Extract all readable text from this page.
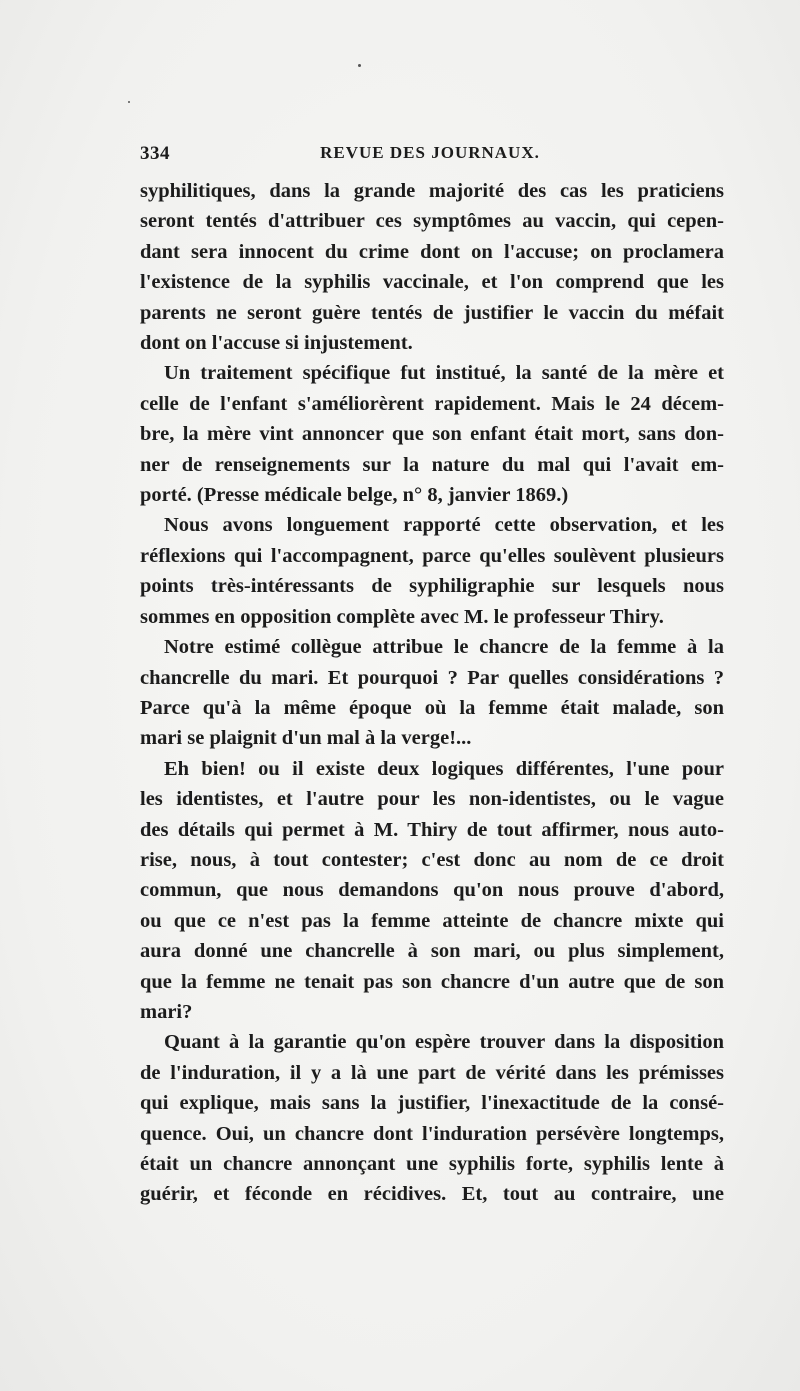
334	REVUE DES JOURNAUX.
syphilitiques, dans la grande majorité des cas les praticiens
seront tentés d'attribuer ces symptômes au vaccin, qui cepen-
dant sera innocent du crime dont on l'accuse; on proclamera
l'existence de la syphilis vaccinale, et l'on comprend que les
parents ne seront guère tentés de justifier le vaccin du méfait
dont on l'accuse si injustement.
Un traitement spécifique fut institué, la santé de la mère et
celle de l'enfant s'améliorèrent rapidement. Mais le 24 décem-
bre, la mère vint annoncer que son enfant était mort, sans don-
ner de renseignements sur la nature du mal qui l'avait em-
porté. (Presse médicale belge, n° 8, janvier 1869.)
Nous avons longuement rapporté cette observation, et les
réflexions qui l'accompagnent, parce qu'elles soulèvent plusieurs
points très-intéressants de syphiligraphie sur lesquels nous
sommes en opposition complète avec M. le professeur Thiry.
Notre estimé collègue attribue le chancre de la femme à la
chancrelle du mari. Et pourquoi ? Par quelles considérations ?
Parce qu'à la même époque où la femme était malade, son
mari se plaignit d'un mal à la verge!...
Eh bien! ou il existe deux logiques différentes, l'une pour
les identistes, et l'autre pour les non-identistes, ou le vague
des détails qui permet à M. Thiry de tout affirmer, nous auto-
rise, nous, à tout contester; c'est donc au nom de ce droit
commun, que nous demandons qu'on nous prouve d'abord,
ou que ce n'est pas la femme atteinte de chancre mixte qui
aura donné une chancrelle à son mari, ou plus simplement,
que la femme ne tenait pas son chancre d'un autre que de son
mari?
Quant à la garantie qu'on espère trouver dans la disposition
de l'induration, il y a là une part de vérité dans les prémisses
qui explique, mais sans la justifier, l'inexactitude de la consé-
quence. Oui, un chancre dont l'induration persévère longtemps,
était un chancre annonçant une syphilis forte, syphilis lente à
guérir, et féconde en récidives. Et, tout au contraire, une
